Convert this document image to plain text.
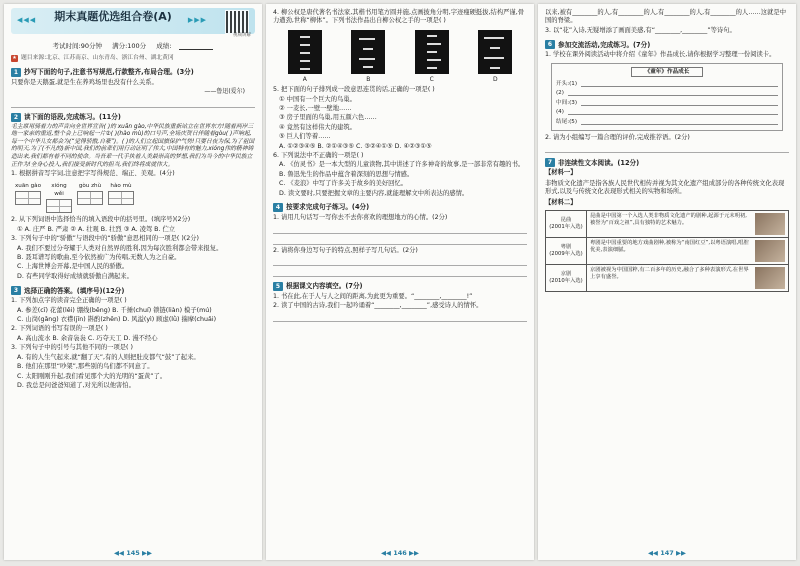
◀◀◀	▶▶▶
期末真题优选组合卷(A)
视频讲解
考试时间:90分钟 满分:100分 成绩:
★ 题目来源:北京、江苏南京、山东青岛、浙江台州、湖北黄冈
1 抄写下面的句子,注意书写规范,行款整齐,布局合理。(3分)
只要你是天鹅蛋,就是生在养鸡场里也没有什么关系。
——鲁迅(爱尔)
2 读下面的语段,完成练习。(11分)
毛主席用骑着力的声音向全世界宣告( )的 xuān gào,中华民族重新站立在世界东方!随着两岸三地一家亲的重返,整个会上已响起一片②( )(hào mù)的口号声,全场庆贺日伴随着gòu( )声响起,每一个中华儿女都会为(“觉得骄傲,自豪”)。( )的人们立起国旗保护气势!只要日夜为保,为了祖国的明天,为了(不凡的)新中国,我们的前辈们用行动证明了伟大,中国特有的魅力,xióng伟的精神铸造出来,我们都有着不同的使命。当吾辈一代手执着人类最崇高的梦想,我们为当今的中华民族立正作为!全身心投入,我们接受新时代的担当,我们终将成就伟大。
1. 根据拼音写字词,注意把字写得规范、端正、美观。(4分)
xuān gào	xióng wěi
gòu zhù	hào mù
2. 从下列词语中选择恰当的填入语段中的括号里。(填序号)(2分)
① A. 庄严 B. 严肃 ② A. 壮观 B. 壮烈 ③ A. 凌驾 B. 伫立
3. 下列句子中的“骄傲”与语段中的“骄傲”意思相同的一项是( )(2分)
A. 我们不要过分夸耀于人类对自然界的胜利,因为每次胜利都会带来报复。
B. 聂耳谱写的歌曲,至今依然被广为传唱,无数人为之自豪。
C. 上海世博会开幕,是中国人民的骄傲。
D. 有些同学取得好成绩就骄傲自满起来。
3 选择正确的答案。(填序号)(12分)
1. 下列加点字的读音完全正确的一项是( )
A. 参差(cī) 花蕾(lěi) 绷线(bēng) B. 千捶(chuí) 锁链(liàn) 模子(mú)
C. 山岗(gǎng) 衣襟(jīn) 斟酌(zhēn) D. 风溢(yì) 顾虑(lǜ) 揣摩(chuǎi)
2. 下列词语的书写有误的一项是( )
A. 高山流水 B. 余音袅袅 C. 巧夺天工 D. 漫不经心
3. 下列句子中的引号与其他不同的一项是( )
A. 有的人生气起来,就“翻了天”,有的人则把肚皮都气“鼓”了起来。
B. 他们在那里“吵架”,那些别的鸟们都不同意了。
C. 太阳刚刚升起,我们看见那个大的光明的“蛋黄”了。
D. 我总是问爸爸知道了,对光所以他害怕。
◀◀ 145 ▶▶
4. 柳公权是唐代著名书法家,其楷书用笔方圆并施,点画披角分明,字迹瘦硬挺拔,结构严谨,骨力遒劲,世称“柳体”。下列书法作品出自柳公权之手的一项是( )
A	B	C	D
5. 把下面的句子排列成一段意思连贯的话,正确的一项是( )
① 中国有一个巨大的鸟巢。
② 一麦长,一壁一壁地……
③ 房子里面的鸟巢,用五颜六色……
④ 竟然有这样伟大的建筑。
⑤ 巨人们等着……
A. ①②③④⑤ B. ②①④③⑤ C. ③②④①⑤ D. ④②③①⑤
6. 下列说法中不正确的一项是( )
A. 《仿灵书》是一本大型的儿童读物,其中讲述了许多神奇的故事,是一部非常有趣的书。
B. 鲁迅先生的作品中蕴含着深刻的思想与情感。
C. 《麦浪》中写了许多关于故乡的美好回忆。
D. 读文要时,只要把握文章的主要内容,就能理解文中所表达的感情。
4 按要求完成句子练习。(4分)
1. 请用几句话写一写你去不去你喜欢的理想地方的心情。(2分)
2. 请将你身边写句子的特点,照样子写几句话。(2分)
5 根据课文内容填空。(7分)
1. 书在此,在于人与人之间的距离,为此更为重要。“________,________!”
2. 读了中国的古诗,我们一起吟诵着“________,________”,感受诗人的情怀。
◀◀ 146 ▶▶
以来,被有________的人,有________的人,有________的人,有________的人……这就是中国的脊梁。
3. 以“花”入诗,无疑增添了画面美感,有“________,________”等诗句。
6 参加交流活动,完成练习。(7分)
1. 学校在课外阅读活动中将介绍《童年》作品成长,请你根据学习整理一份阅读卡。
《童年》作品成长
开头:(1)
(2)
中间:(3)
(4)
结尾:(5)
2. 请为小组编写一篇合理的评价,完成推荐语。(2分)
7 非连续性文本阅读。(12分)
【材料一】
非物质文化遗产是指各族人民世代相传并视为其文化遗产组成部分的各种传统文化表现形式,以及与传统文化表现形式相关的实物和场所。
【材料二】
昆曲
(2001年入选)
昆曲是中国第一个入选人类非物质文化遗产的剧种,起源于元末明初,被誉为“百戏之祖”,具有独特的艺术魅力。
粤剧
(2009年入选)
粤剧是中国重要的地方戏曲剧种,被称为“南国红豆”,以粤语演唱,唱腔优美,表演细腻。
京剧
(2010年入选)
京剧被视为中国国粹,有二百多年的历史,融合了多种表演形式,在世界上享有盛誉。
◀◀ 147 ▶▶
